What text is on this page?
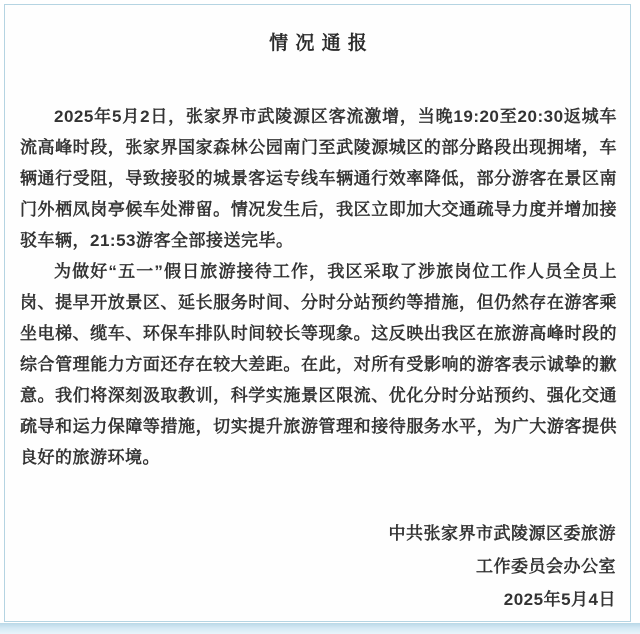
情 况 通 报

2025年5月2日，张家界市武陵源区客流激增，当晚19:20至20:30返城车流高峰时段，张家界国家森林公园南门至武陵源城区的部分路段出现拥堵，车辆通行受阻，导致接驳的城景客运专线车辆通行效率降低，部分游客在景区南门外栖凤岗亭候车处滞留。情况发生后，我区立即加大交通疏导力度并增加接驳车辆，21:53游客全部接送完毕。

为做好“五一”假日旅游接待工作，我区采取了涉旅岗位工作人员全员上岗、提早开放景区、延长服务时间、分时分站预约等措施，但仍然存在游客乘坐电梯、缆车、环保车排队时间较长等现象。这反映出我区在旅游高峰时段的综合管理能力方面还存在较大差距。在此，对所有受影响的游客表示诚挚的歉意。我们将深刻汲取教训，科学实施景区限流、优化分时分站预约、强化交通疏导和运力保障等措施，切实提升旅游管理和接待服务水平，为广大游客提供良好的旅游环境。

中共张家界市武陵源区委旅游
工作委员会办公室
2025年5月4日
